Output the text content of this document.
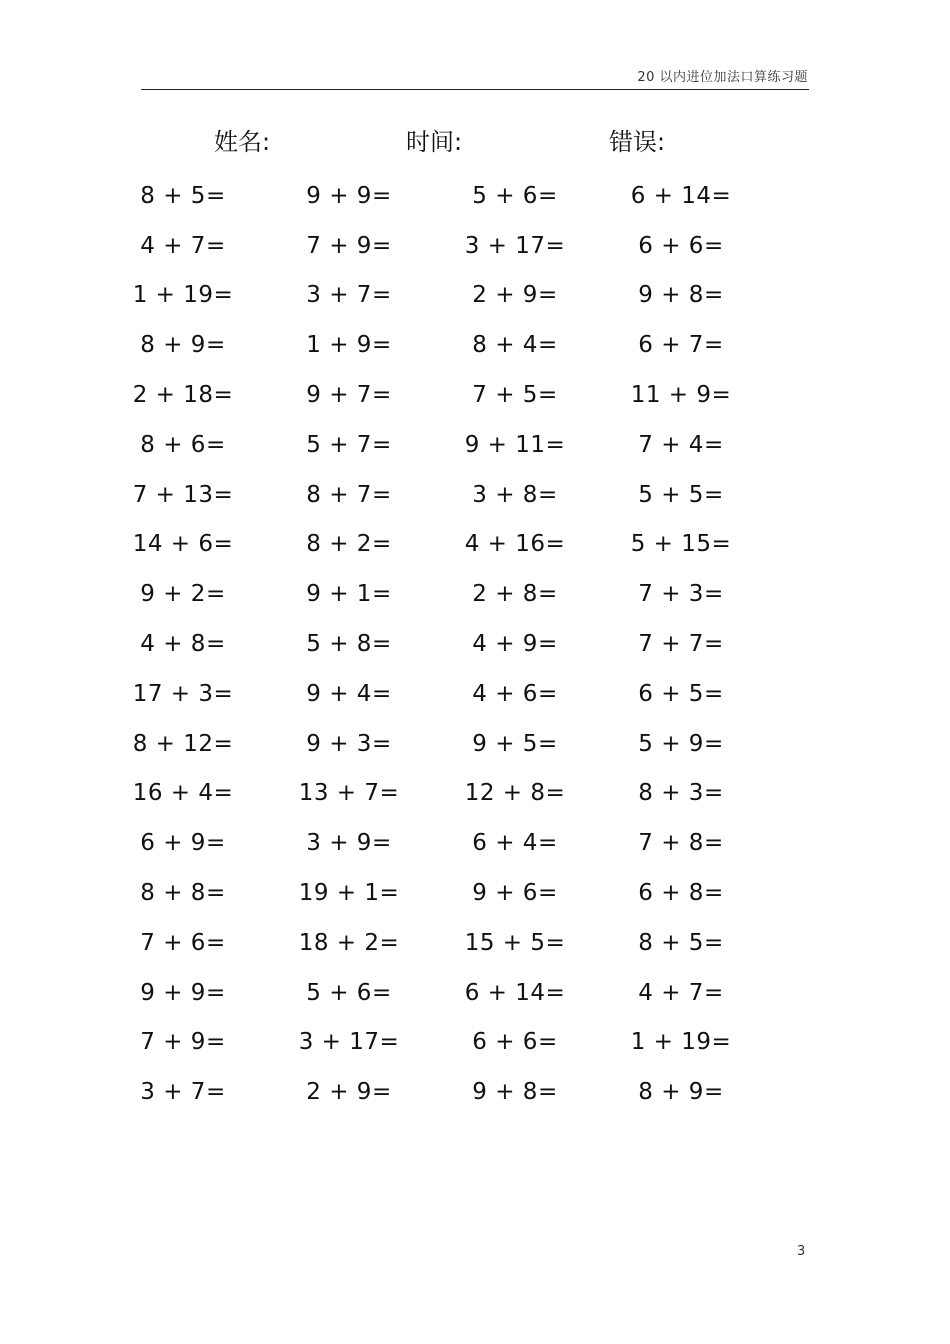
20 以内进位加法口算练习题
姓名:	时间:	错误:
8 + 5=	9 + 9=	5 + 6=	6 + 14=
4 + 7=	7 + 9=	3 + 17=	6 + 6=
1 + 19=	3 + 7=	2 + 9=	9 + 8=
8 + 9=	1 + 9=	8 + 4=	6 + 7=
2 + 18=	9 + 7=	7 + 5=	11 + 9=
8 + 6=	5 + 7=	9 + 11=	7 + 4=
7 + 13=	8 + 7=	3 + 8=	5 + 5=
14 + 6=	8 + 2=	4 + 16=	5 + 15=
9 + 2=	9 + 1=	2 + 8=	7 + 3=
4 + 8=	5 + 8=	4 + 9=	7 + 7=
17 + 3=	9 + 4=	4 + 6=	6 + 5=
8 + 12=	9 + 3=	9 + 5=	5 + 9=
16 + 4=	13 + 7=	12 + 8=	8 + 3=
6 + 9=	3 + 9=	6 + 4=	7 + 8=
8 + 8=	19 + 1=	9 + 6=	6 + 8=
7 + 6=	18 + 2=	15 + 5=	8 + 5=
9 + 9=	5 + 6=	6 + 14=	4 + 7=
7 + 9=	3 + 17=	6 + 6=	1 + 19=
3 + 7=	2 + 9=	9 + 8=	8 + 9=
3
